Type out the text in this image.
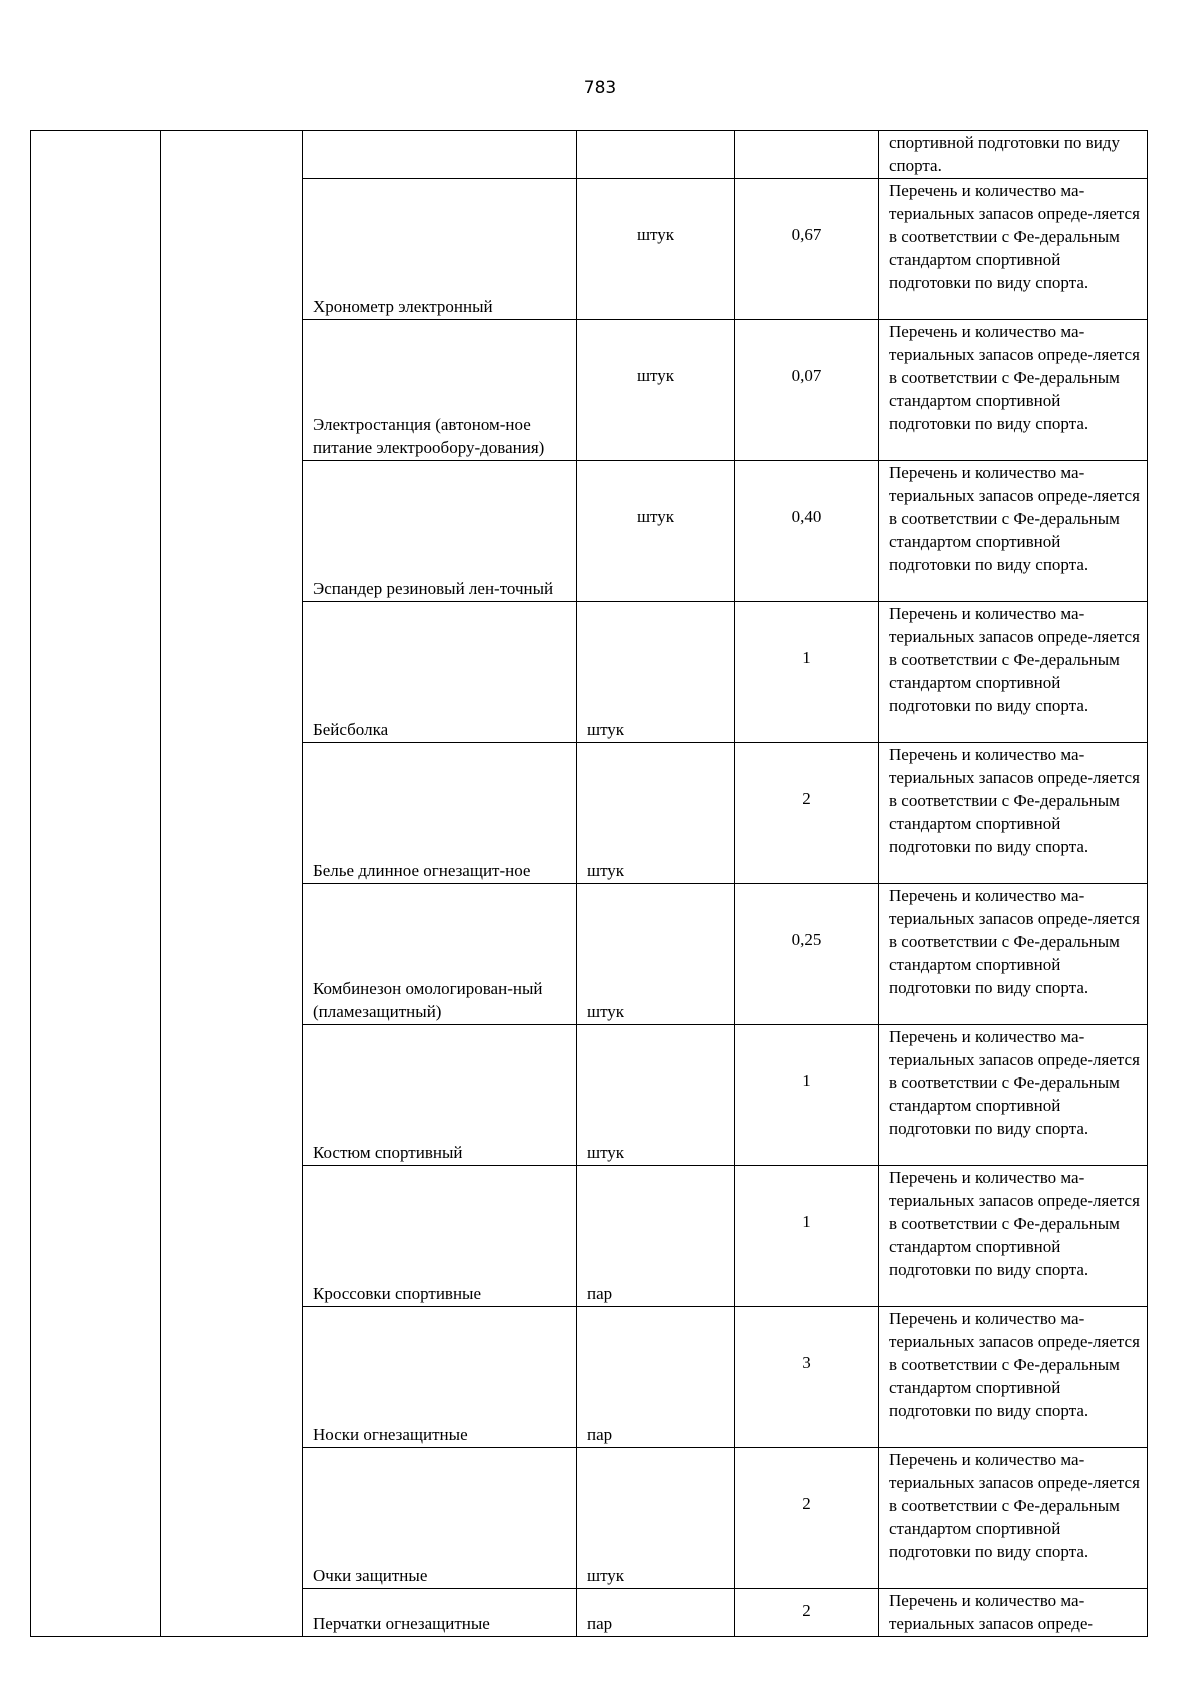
783

					спортивной подготовки по виду спорта.

		Хронометр электронный	штук	0,67	Перечень и количество ма-териальных запасов опреде-ляется в соответствии с Фе-деральным стандартом спортивной подготовки по виду спорта.

		Электростанция (автоном-ное питание электрообору-дования)	штук	0,07	Перечень и количество ма-териальных запасов опреде-ляется в соответствии с Фе-деральным стандартом спортивной подготовки по виду спорта.

		Эспандер резиновый лен-точный	штук	0,40	Перечень и количество ма-териальных запасов опреде-ляется в соответствии с Фе-деральным стандартом спортивной подготовки по виду спорта.

		Бейсболка	штук	1	Перечень и количество ма-териальных запасов опреде-ляется в соответствии с Фе-деральным стандартом спортивной подготовки по виду спорта.

		Белье длинное огнезащит-ное	штук	2	Перечень и количество ма-териальных запасов опреде-ляется в соответствии с Фе-деральным стандартом спортивной подготовки по виду спорта.

		Комбинезон омологирован-ный (пламезащитный)	штук	0,25	Перечень и количество ма-териальных запасов опреде-ляется в соответствии с Фе-деральным стандартом спортивной подготовки по виду спорта.

		Костюм спортивный	штук	1	Перечень и количество ма-териальных запасов опреде-ляется в соответствии с Фе-деральным стандартом спортивной подготовки по виду спорта.

		Кроссовки спортивные	пар	1	Перечень и количество ма-териальных запасов опреде-ляется в соответствии с Фе-деральным стандартом спортивной подготовки по виду спорта.

		Носки огнезащитные	пар	3	Перечень и количество ма-териальных запасов опреде-ляется в соответствии с Фе-деральным стандартом спортивной подготовки по виду спорта.

		Очки защитные	штук	2	Перечень и количество ма-териальных запасов опреде-ляется в соответствии с Фе-деральным стандартом спортивной подготовки по виду спорта.

		Перчатки огнезащитные	пар	2	Перечень и количество ма-териальных запасов опреде-
